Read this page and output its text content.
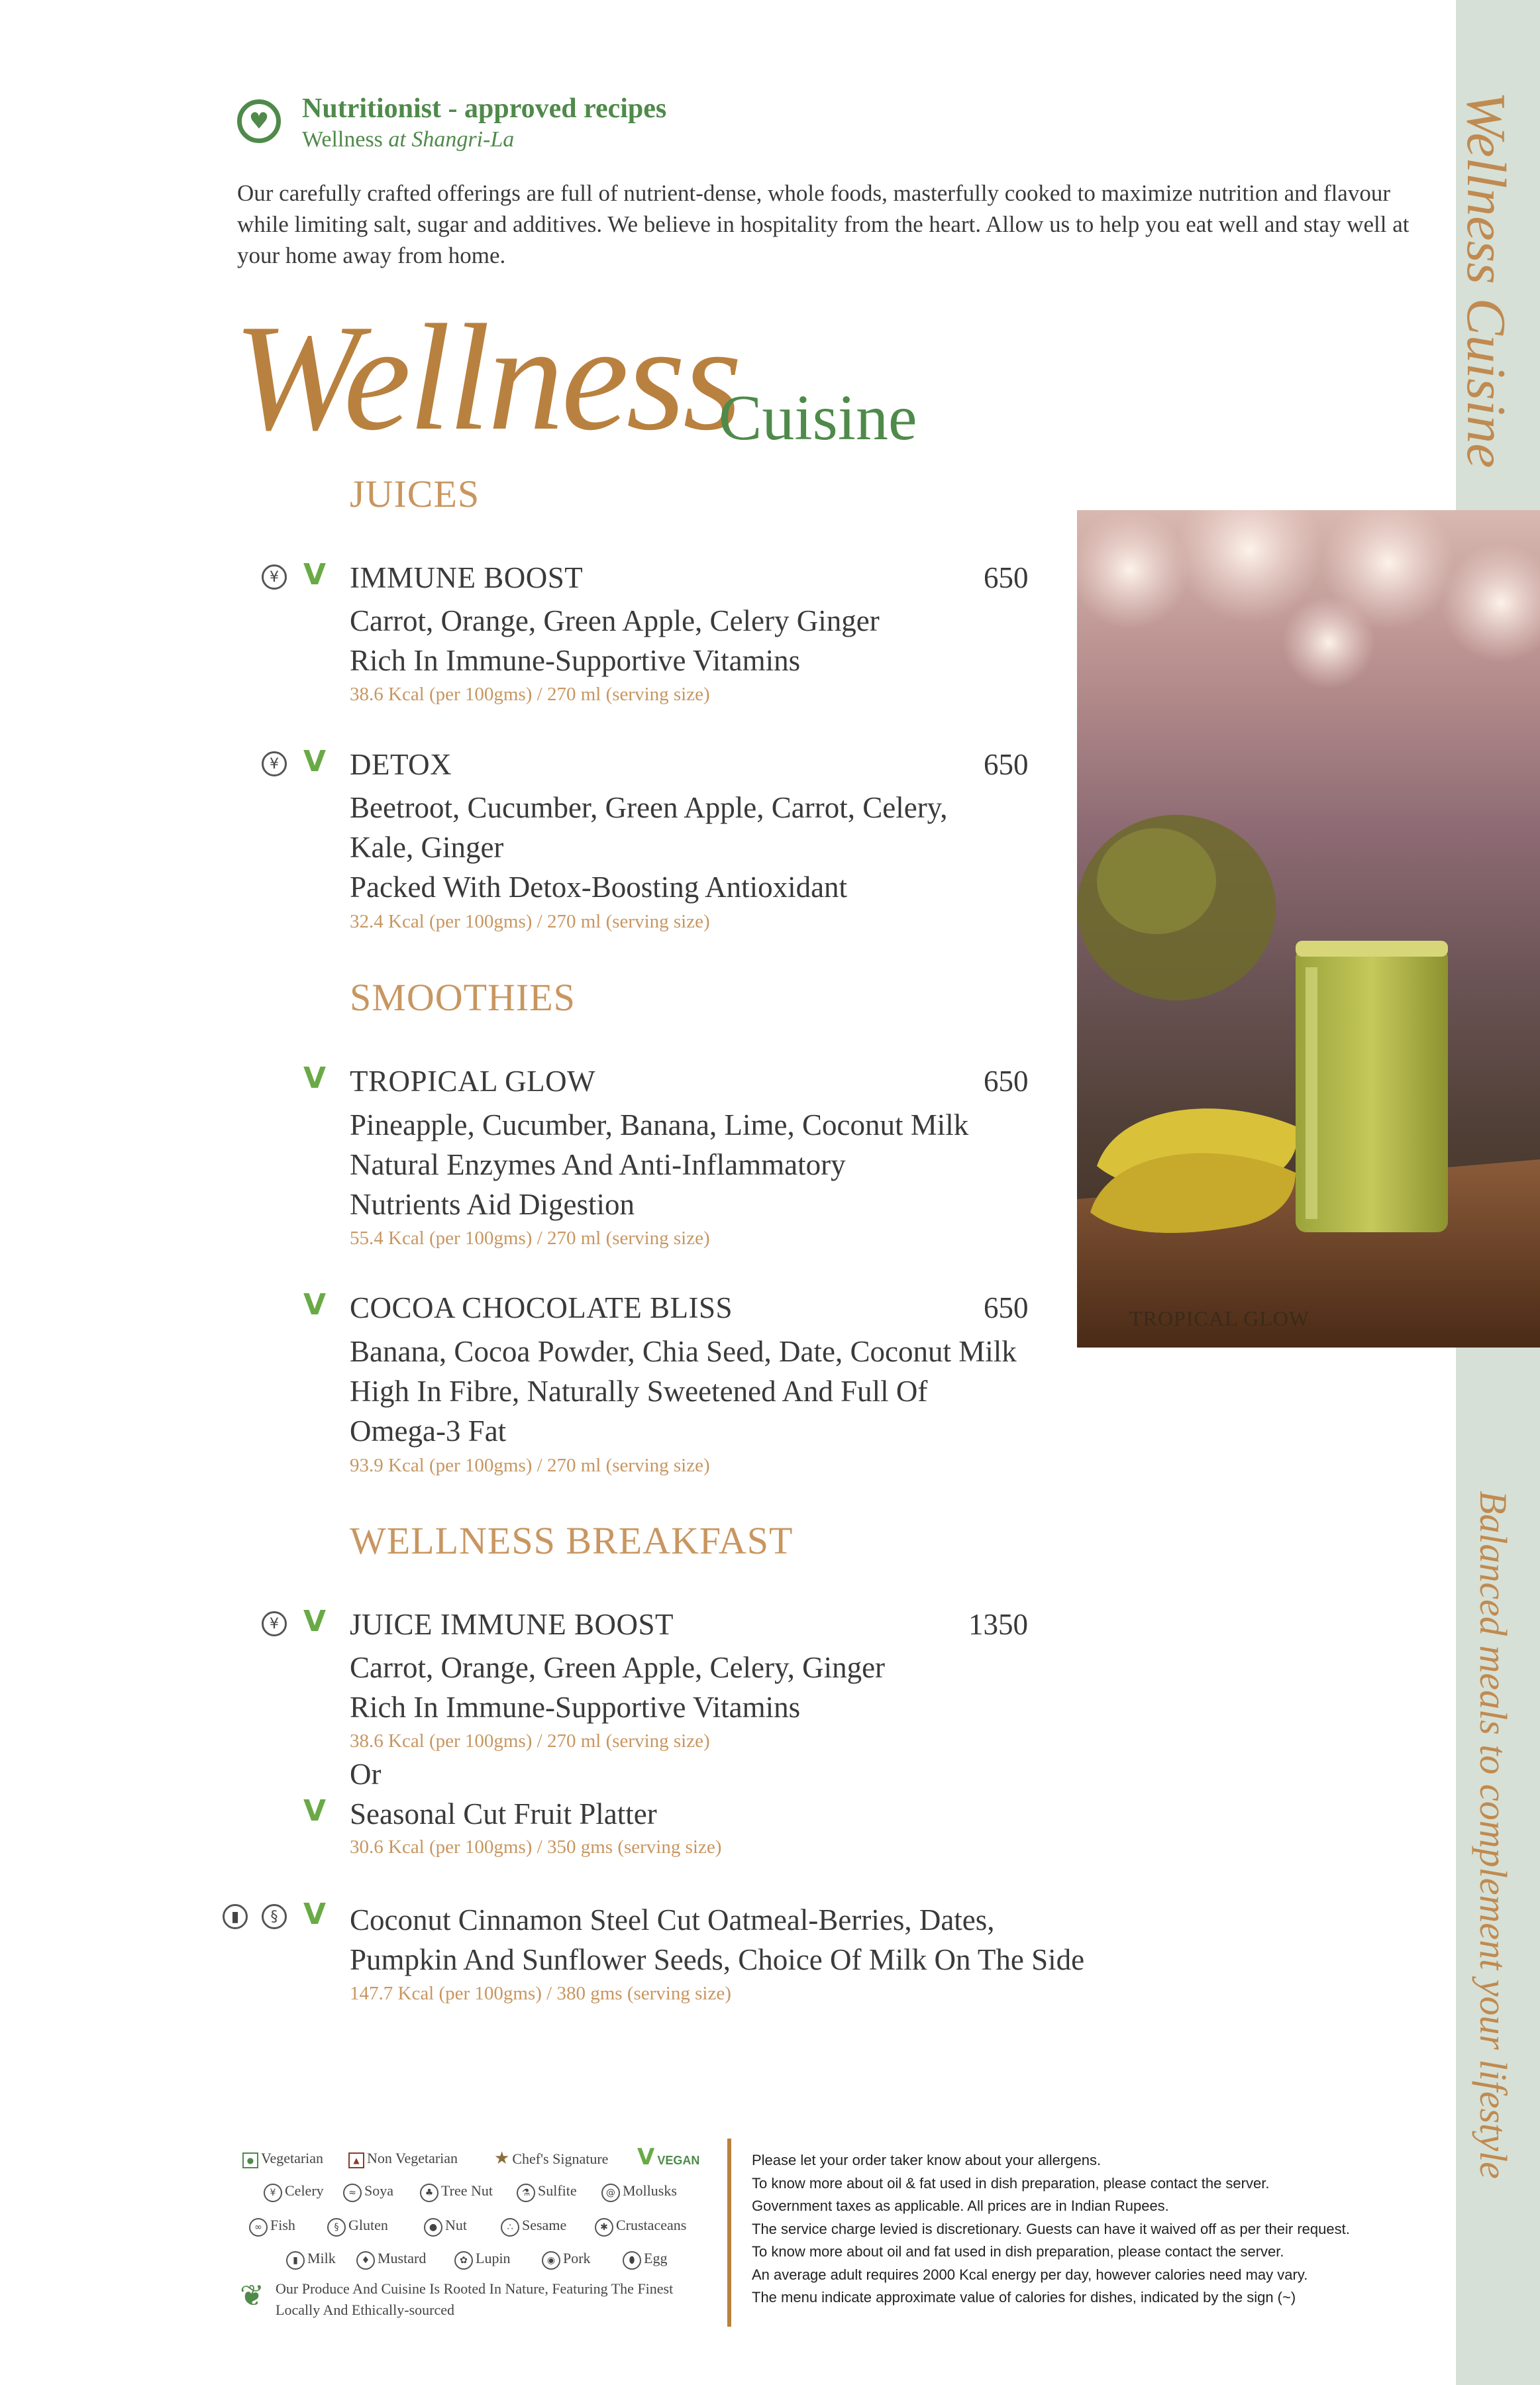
Wellness Cuisine
Balanced meals to complement your lifestyle
♥	Nutritionist - approved recipes
Wellness at Shangri-La
Our carefully crafted offerings are full of nutrient-dense, whole foods, masterfully cooked to maximize nutrition and flavour while limiting salt, sugar and additives. We believe in hospitality from the heart. Allow us to help you eat well and stay well at your home away from home.
Wellness
Cuisine
JUICES
¥ V IMMUNE BOOST	650
Carrot, Orange, Green Apple, Celery Ginger
Rich In Immune-Supportive Vitamins
38.6 Kcal (per 100gms) / 270 ml (serving size)
¥ V DETOX	650
Beetroot, Cucumber, Green Apple, Carrot, Celery,
Kale, Ginger
Packed With Detox-Boosting Antioxidant
32.4 Kcal (per 100gms) / 270 ml (serving size)
SMOOTHIES
V TROPICAL GLOW	650
Pineapple, Cucumber, Banana, Lime, Coconut Milk
Natural Enzymes And Anti-Inflammatory
Nutrients Aid Digestion
55.4 Kcal (per 100gms) / 270 ml (serving size)
V COCOA CHOCOLATE BLISS	650
Banana, Cocoa Powder, Chia Seed, Date, Coconut Milk
High In Fibre, Naturally Sweetened And Full Of
Omega-3 Fat
93.9 Kcal (per 100gms) / 270 ml (serving size)
WELLNESS BREAKFAST
¥ V JUICE IMMUNE BOOST	1350
Carrot, Orange, Green Apple, Celery, Ginger
Rich In Immune-Supportive Vitamins
38.6 Kcal (per 100gms) / 270 ml (serving size)
Or
V Seasonal Cut Fruit Platter
30.6 Kcal (per 100gms) / 350 gms (serving size)
▮	§ V Coconut Cinnamon Steel Cut Oatmeal-Berries, Dates,
Pumpkin And Sunflower Seeds, Choice Of Milk On The Side
147.7 Kcal (per 100gms) / 380 gms (serving size)
TROPICAL GLOW
● Vegetarian	▲ Non Vegetarian ★ Chef's Signature V VEGAN
¥ Celery	≈ Soya	♣ Tree Nut	⚗ Sulfite	@ Mollusks
∞ Fish	§ Gluten	● Nut	∴ Sesame	✱ Crustaceans
▮ Milk	♦ Mustard	✿ Lupin	◉ Pork	⬮ Egg
❦ Our Produce And Cuisine Is Rooted In Nature, Featuring The Finest
Locally And Ethically-sourced
Please let your order taker know about your allergens.
To know more about oil & fat used in dish preparation, please contact the server.
Government taxes as applicable. All prices are in Indian Rupees.
The service charge levied is discretionary. Guests can have it waived off as per their request.
To know more about oil and fat used in dish preparation, please contact the server.
An average adult requires 2000 Kcal energy per day, however calories need may vary.
The menu indicate approximate value of calories for dishes, indicated by the sign (~)
